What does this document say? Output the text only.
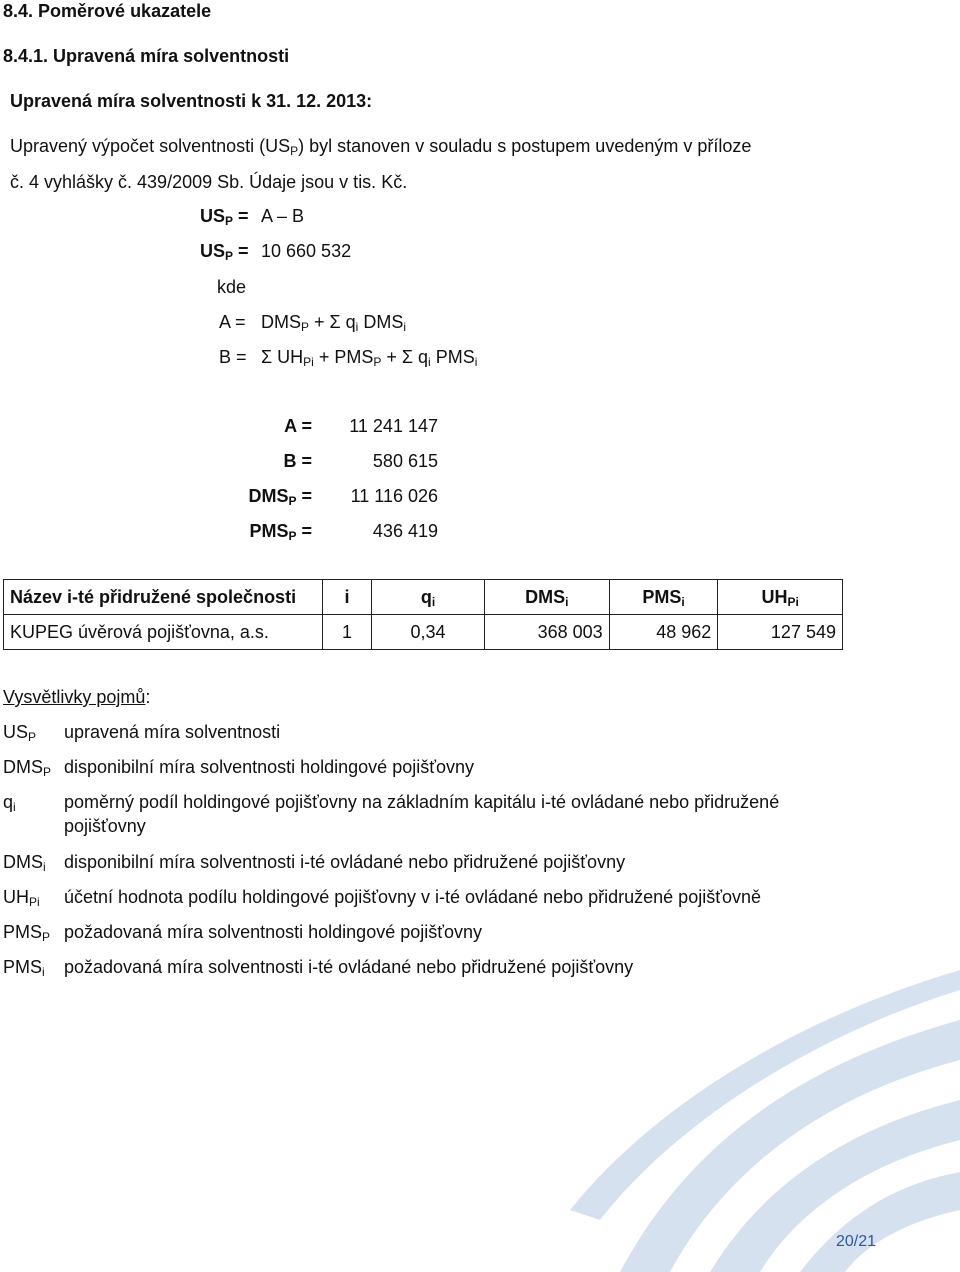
8.4. Poměrové ukazatele
8.4.1. Upravená míra solventnosti
Upravená míra solventnosti k 31. 12. 2013:
Upravený výpočet solventnosti $(US_P)$ byl stanoven v souladu s postupem uvedeným v příloze
č. 4 vyhlášky č. 439/2009 Sb. Údaje jsou v tis. Kč.
$US_P = A - B$
$US_P = 10$ 660 532
kde
$A = DMS_P + \Sigma$ $q_i$ $DMS_i$
B = Σ $UH_{Pi} + PMS_P + \Sigma$ $q_i$ $PMS_i$
A =	11 241 147
B =	580 615
$DMS_P$ =	11 116 026
$PMS_P$ =	436 419
Název i-té přidružené společnosti	i	$q_i$	$DMS_i$	$PMS_i$	$UH_{Pi}$
KUPEG úvěrová pojišťovna, a.s.	1	0,34	368 003	48 962	127 549
Vysvětlivky pojmů:
$US_P$ upravená míra solventnosti
$DMS_P$ disponibilní míra solventnosti holdingové pojišťovny
$q_i$	poměrný podíl holdingové pojišťovny na základním kapitálu i-té ovládané nebo přidružené
pojišťovny
$DMS_i$ disponibilní míra solventnosti i-té ovládané nebo přidružené pojišťovny
$UH_{Pi}$ účetní hodnota podílu holdingové pojišťovny v i-té ovládané nebo přidružené pojišťovně
$PMS_P$ požadovaná míra solventnosti holdingové pojišťovny
$PMS_i$ požadovaná míra solventnosti i-té ovládané nebo přidružené pojišťovny
20/21
